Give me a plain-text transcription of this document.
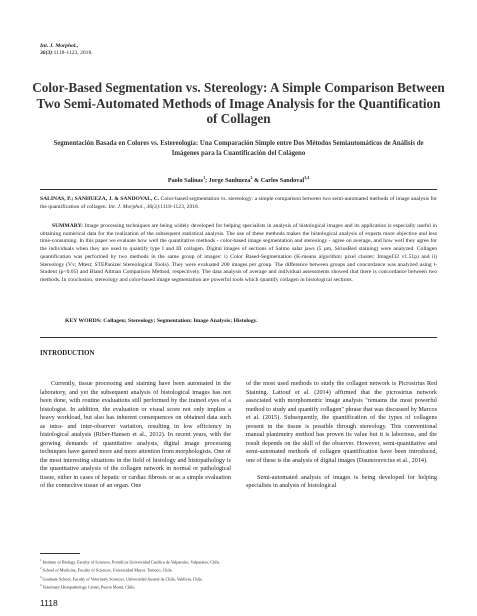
Int. J. Morphol.,
36(3):1118-1123, 2018.
Color-Based Segmentation vs. Stereology: A Simple Comparison Between Two Semi-Automated Methods of Image Analysis for the Quantification of Collagen
Segmentación Basada en Colores vs. Estereología: Una Comparación Simple entre Dos Métodos Semiautomáticos de Análisis de Imágenes para la Cuantificación del Colágeno
Paolo Salinas$^1$; Jorge Sanhueza$^2$ & Carlos Sandoval$^{3,4}$
SALINAS, P.; SANHUEZA, J. & SANDOVAL, C. Color-based segmentation vs. stereology: a simple comparison between two semi-automated methods of image analysis for the quantification of collagen. Int. J. Morphol., 36(3):1118-1123, 2018.
SUMMARY: Image processing techniques are being widely developed for helping specialists in analysis of histological images and its application is especially useful in obtaining numerical data for the realization of the subsequent statistical analysis. The use of these methods makes the histological analysis of experts more objective and less time-consuming. In this paper we evaluate how well the quantitative methods - color-based image segmentation and stereology - agree on average, and how well they agree for the individuals when they are used to quantify type I and III collagen. Digital images of sections of Salmo salar jaws (5 µm, SiriusRed staining) were analyzed. Collagen quantification was performed by two methods in the same group of images: i) Color Based-Segmentation (K-means algorithm; pixel cluster; ImageJ32 v1.51p) and ii) Stereology (Vv; Mtest; STEPanizer Stereological Tools). They were evaluated 200 images per group. The difference between groups and concordance was analyzed using t-Student (p<0.05) and Bland Altman Comparison Method, respectively. The data analysis of average and individual assessments showed that there is concordance between two methods. In conclusion, stereology and color-based image segmentation are powerful tools which quantify collagen in histological sections.
KEY WORDS: Collagen; Stereology; Segmentation; Image Analysis; Histology.
INTRODUCTION

Currently, tissue processing and staining have been automated in the laboratory, and yet the subsequent analysis of histological images has not been done, with routine evaluations still performed by the trained eyes of a histologist. In addition, the evaluation or visual score not only implies a heavy workload, but also has inherent consequences on obtained data such as intra- and inter-observer variation, resulting in low efficiency in histological analysis (Riber-Hansen et al., 2012). In recent years, with the growing demands of quantitative analysis, digital image processing techniques have gained more and more attention from morphologists. One of the most interesting situations in the field of histology and histopathology is the quantitative analysis of the collagen network in normal or pathological tissue, either in cases of hepatic or cardiac fibrosis or as a simple evaluation of the connective tissue of an organ. One

of the most used methods to study the collagen network is Picrosirius Red Staining. Lattouf et al. (2014) affirmed that the picrosirius network associated with morphometric image analysis "remains the most powerful method to study and quantify collagen" phrase that was discussed by Marcos et al. (2015). Subsequently, the quantification of the types of collagens present in the tissue is possible through stereology. This conventional manual planimetry method has proven its value but it is laborious, and the result depends on the skill of the observer. However, semi-quantitative and semi-automated methods of collagen quantification have been introduced, one of these is the analysis of digital images (Daunoravicius et al., 2014).

Semi-automated analysis of images is being developed for helping specialists in analysis of histological

$^1$ Institute of Biology, Faculty of Sciences, Pontificia Universidad Católica de Valparaíso, Valparaíso, Chile.
$^2$ School of Medicine, Faculty of Sciences, Universidad Mayor, Temuco, Chile.
$^3$ Graduate School, Faculty of Veterinary Sciences, Universidad Austral de Chile, Valdivia, Chile.
$^4$ Veterinary Histopathology Center, Puerto Montt, Chile.
1118
